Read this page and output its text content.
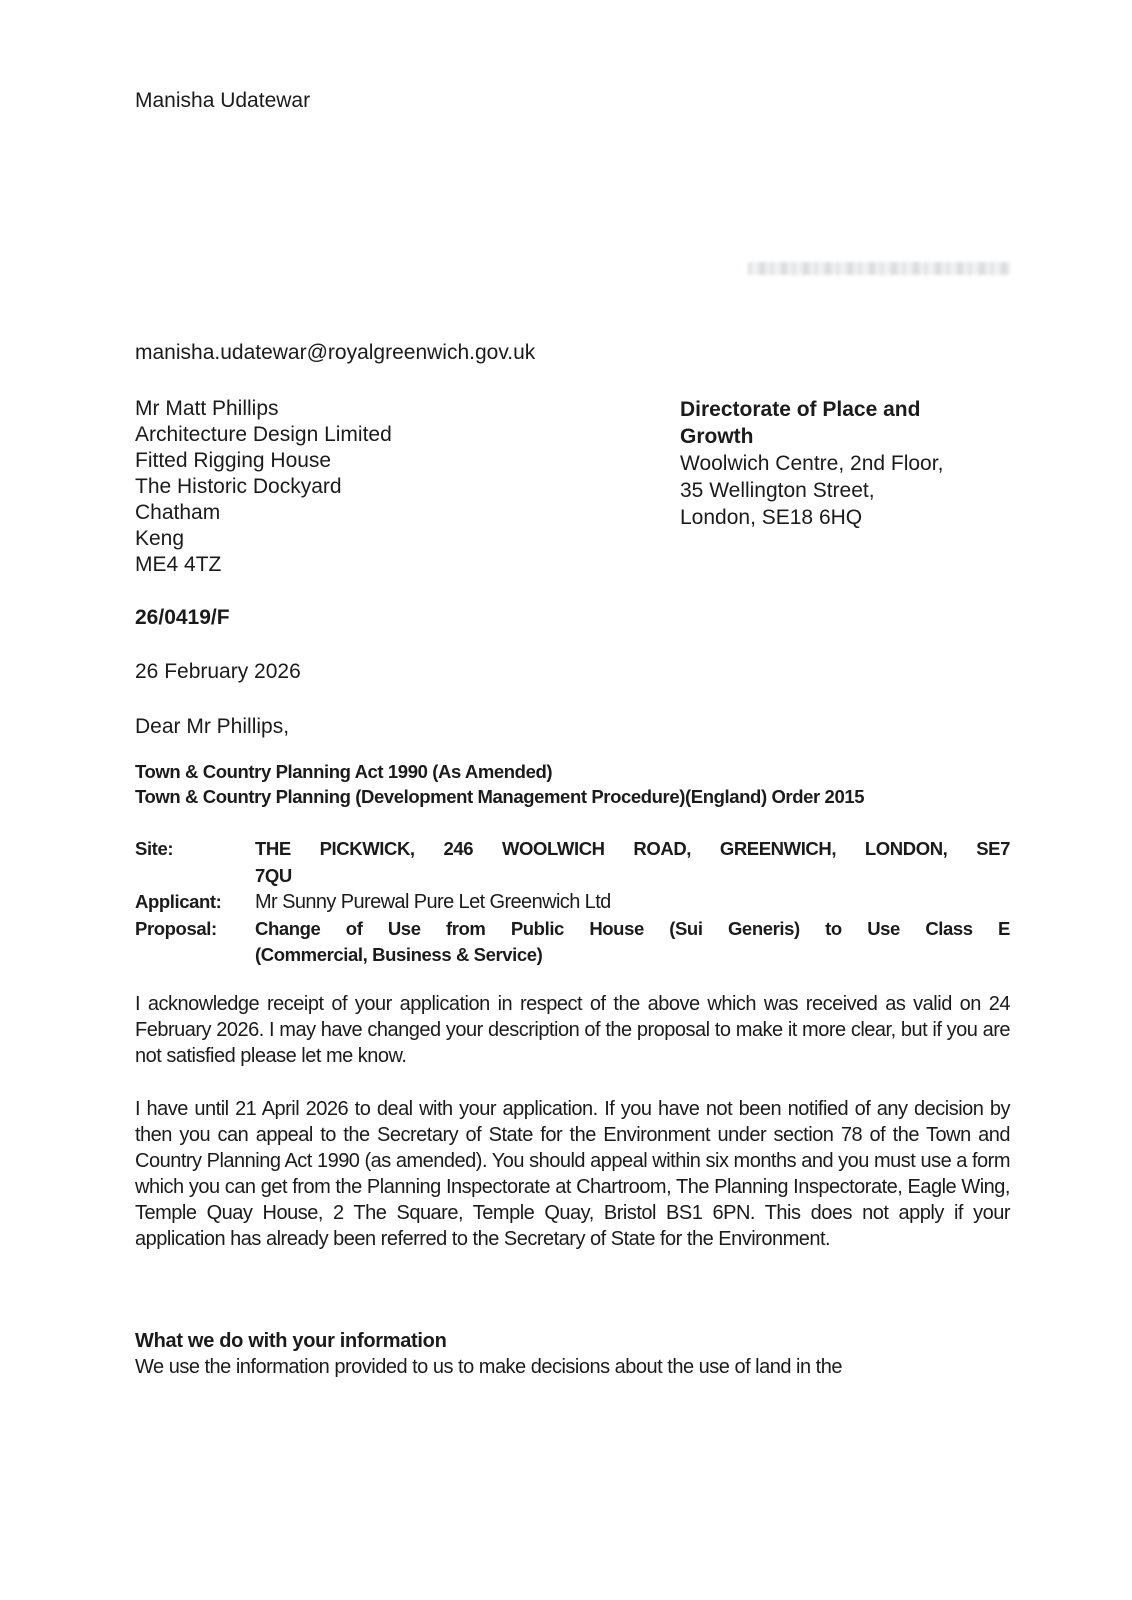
Manisha Udatewar
manisha.udatewar@royalgreenwich.gov.uk
Mr Matt Phillips
Architecture Design Limited
Fitted Rigging House
The Historic Dockyard
Chatham
Keng
ME4 4TZ
Directorate of Place and
Growth
Woolwich Centre, 2nd Floor,
35 Wellington Street,
London, SE18 6HQ
26/0419/F
26 February 2026
Dear Mr Phillips,
Town & Country Planning Act 1990 (As Amended)
Town & Country Planning (Development Management Procedure)(England) Order 2015
Site:	THE PICKWICK, 246 WOOLWICH ROAD, GREENWICH, LONDON, SE7
7QU
Applicant:	Mr Sunny Purewal Pure Let Greenwich Ltd
Proposal:	Change of Use from Public House (Sui Generis) to Use Class E
(Commercial, Business & Service)

I acknowledge receipt of your application in respect of the above which was received as valid on 24 February 2026. I may have changed your description of the proposal to make it more clear, but if you are not satisfied please let me know.

I have until 21 April 2026 to deal with your application. If you have not been notified of any decision by then you can appeal to the Secretary of State for the Environment under section 78 of the Town and Country Planning Act 1990 (as amended). You should appeal within six months and you must use a form which you can get from the Planning Inspectorate at Chartroom, The Planning Inspectorate, Eagle Wing, Temple Quay House, 2 The Square, Temple Quay, Bristol BS1 6PN. This does not apply if your application has already been referred to the Secretary of State for the Environment.

What we do with your information

We use the information provided to us to make decisions about the use of land in the
